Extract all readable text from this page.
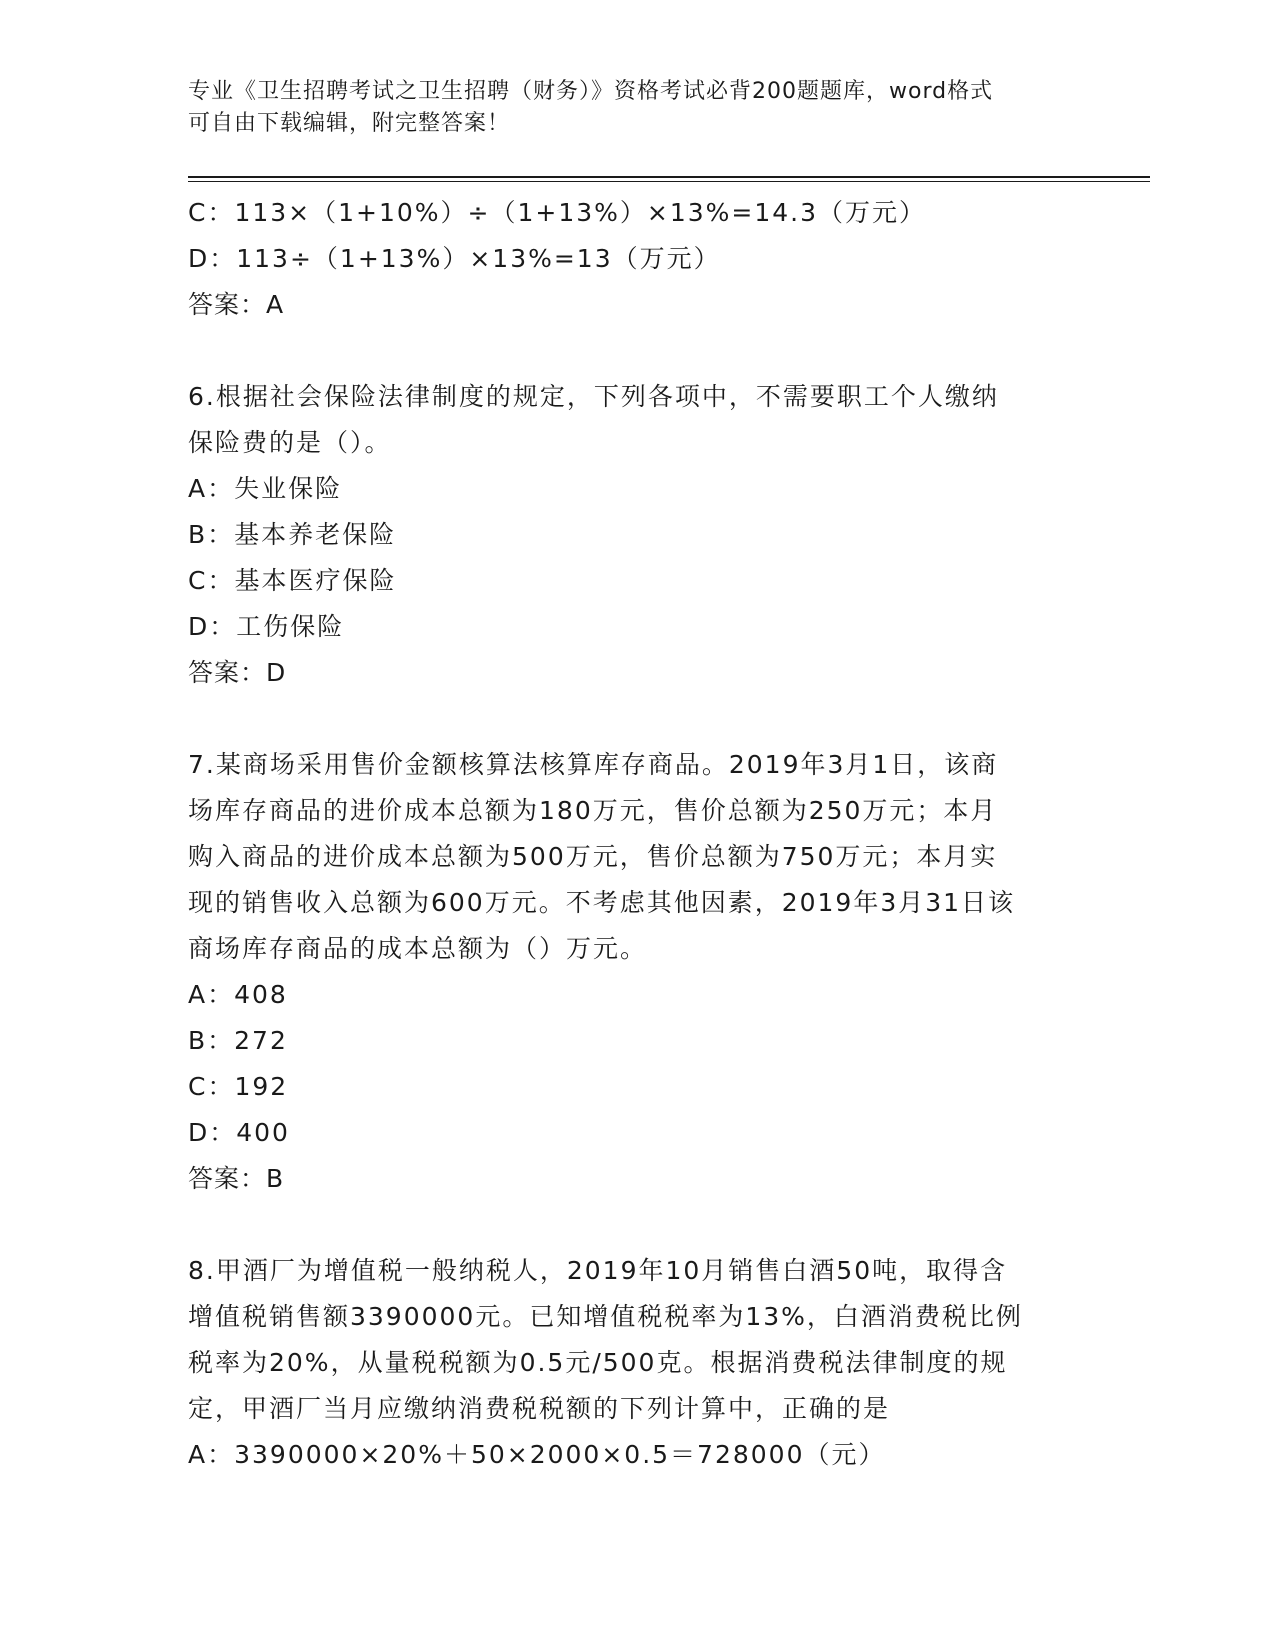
专业《卫生招聘考试之卫生招聘（财务）》资格考试必背200题题库，word格式
可自由下载编辑，附完整答案！
C：113×（1+10%）÷（1+13%）×13%=14.3（万元）
D：113÷（1+13%）×13%=13（万元）
答案：A
6.根据社会保险法律制度的规定，下列各项中，不需要职工个人缴纳
保险费的是（）。
A：失业保险
B：基本养老保险
C：基本医疗保险
D：工伤保险
答案：D
7.某商场采用售价金额核算法核算库存商品。2019年3月1日，该商
场库存商品的进价成本总额为180万元，售价总额为250万元；本月
购入商品的进价成本总额为500万元，售价总额为750万元；本月实
现的销售收入总额为600万元。不考虑其他因素，2019年3月31日该
商场库存商品的成本总额为（）万元。
A：408
B：272
C：192
D：400
答案：B
8.甲酒厂为增值税一般纳税人，2019年10月销售白酒50吨，取得含
增值税销售额3390000元。已知增值税税率为13%，白酒消费税比例
税率为20%，从量税税额为0.5元/500克。根据消费税法律制度的规
定，甲酒厂当月应缴纳消费税税额的下列计算中，正确的是
A：3390000×20%＋50×2000×0.5＝728000（元）
